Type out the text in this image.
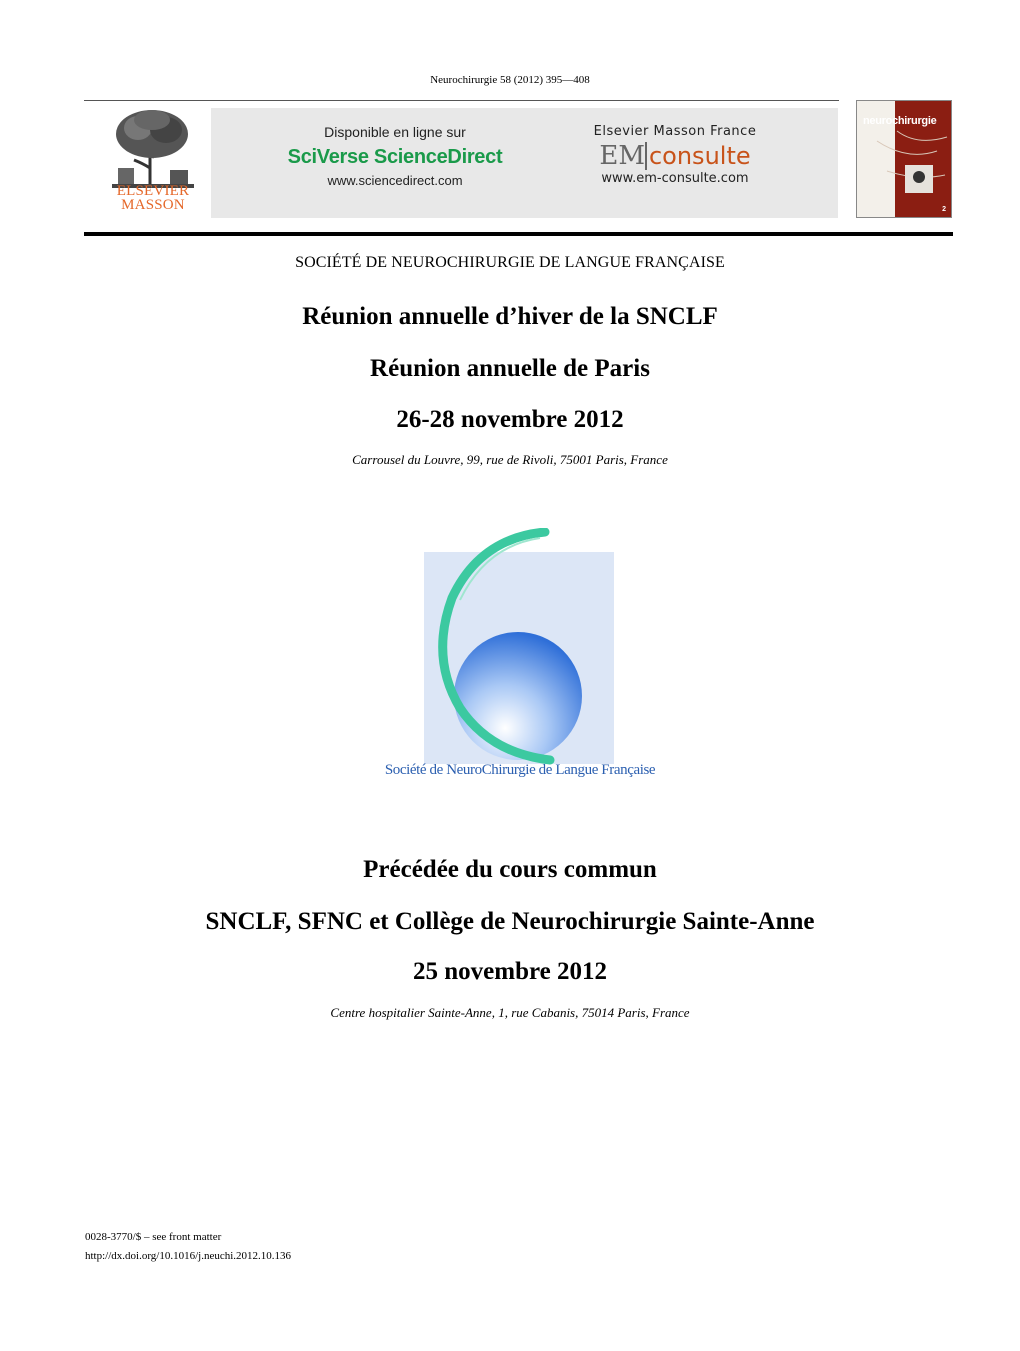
Neurochirurgie 58 (2012) 395—408
ELSEVIER
MASSON
Disponible en ligne sur
SciVerse ScienceDirect
www.sciencedirect.com
Elsevier Masson France
EM consulte
www.em-consulte.com
neurochirurgie
2
SOCIÉTÉ DE NEUROCHIRURGIE DE LANGUE FRANÇAISE
Réunion annuelle d’hiver de la SNCLF
Réunion annuelle de Paris
26-28 novembre 2012
Carrousel du Louvre, 99, rue de Rivoli, 75001 Paris, France
Société de NeuroChirurgie de Langue Française
Précédée du cours commun
SNCLF, SFNC et Collège de Neurochirurgie Sainte-Anne
25 novembre 2012
Centre hospitalier Sainte-Anne, 1, rue Cabanis, 75014 Paris, France
0028-3770/$ – see front matter
http://dx.doi.org/10.1016/j.neuchi.2012.10.136
